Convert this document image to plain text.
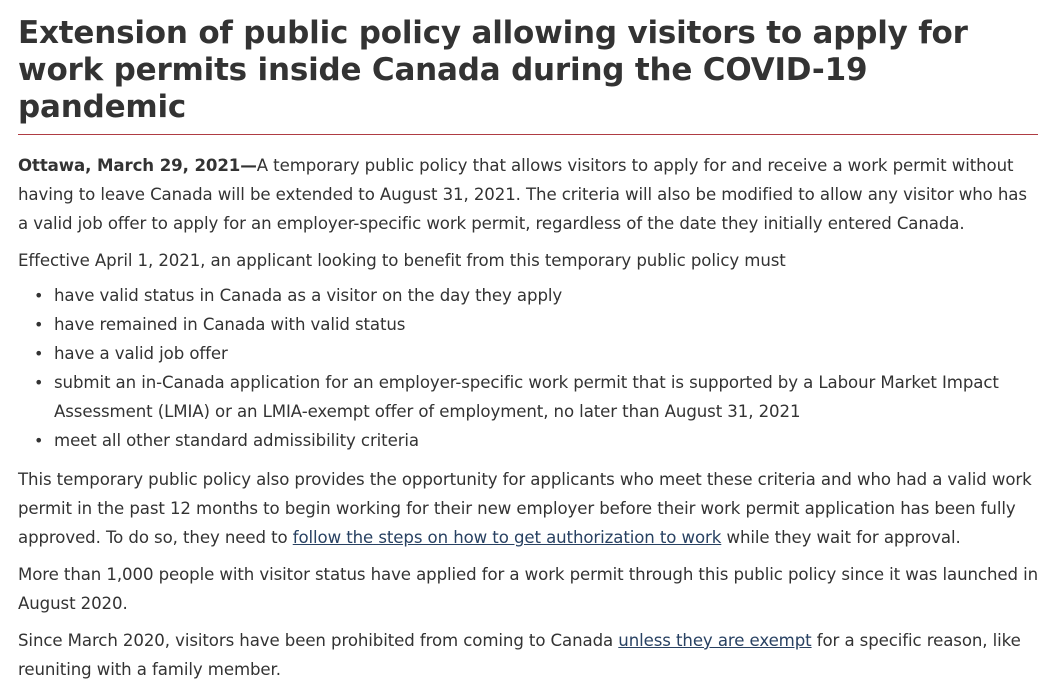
Extension of public policy allowing visitors to apply for work permits inside Canada during the COVID-19 pandemic

Ottawa, March 29, 2021—A temporary public policy that allows visitors to apply for and receive a work permit without having to leave Canada will be extended to August 31, 2021. The criteria will also be modified to allow any visitor who has a valid job offer to apply for an employer-specific work permit, regardless of the date they initially entered Canada.

Effective April 1, 2021, an applicant looking to benefit from this temporary public policy must

• have valid status in Canada as a visitor on the day they apply
• have remained in Canada with valid status
• have a valid job offer
• submit an in-Canada application for an employer-specific work permit that is supported by a Labour Market Impact Assessment (LMIA) or an LMIA-exempt offer of employment, no later than August 31, 2021
• meet all other standard admissibility criteria

This temporary public policy also provides the opportunity for applicants who meet these criteria and who had a valid work permit in the past 12 months to begin working for their new employer before their work permit application has been fully approved. To do so, they need to follow the steps on how to get authorization to work while they wait for approval.

More than 1,000 people with visitor status have applied for a work permit through this public policy since it was launched in August 2020.

Since March 2020, visitors have been prohibited from coming to Canada unless they are exempt for a specific reason, like reuniting with a family member.
